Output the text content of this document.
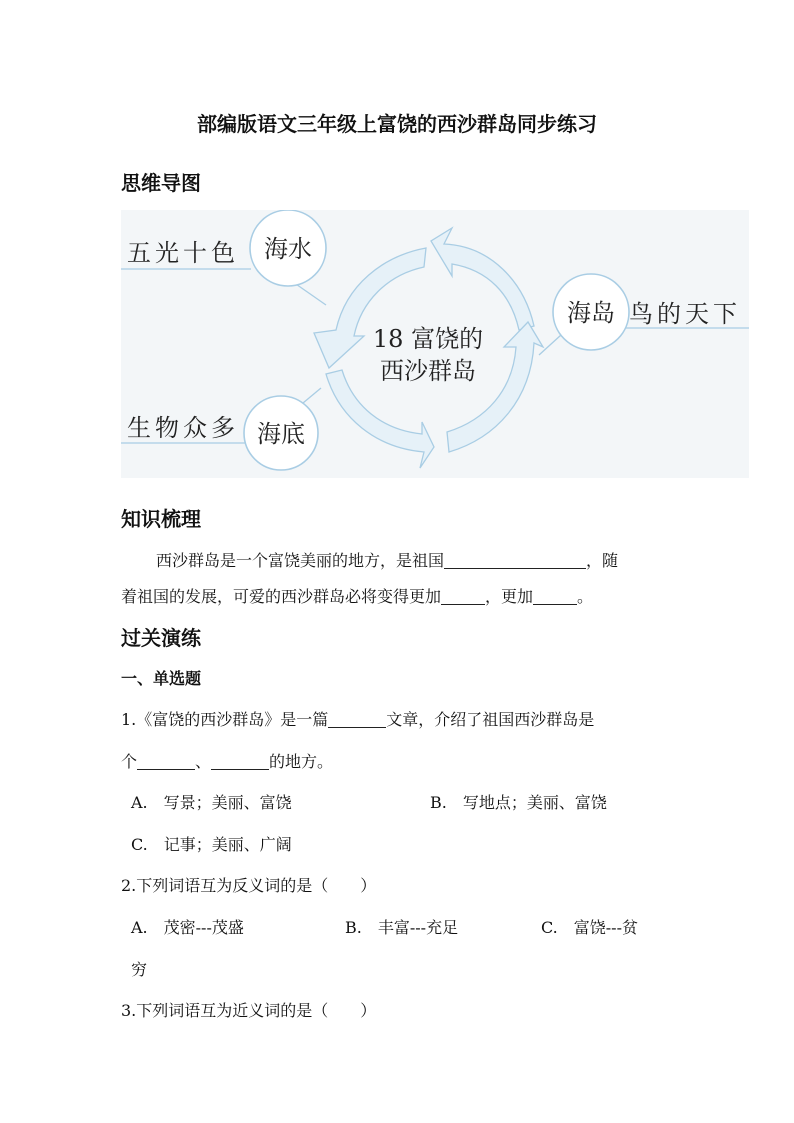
部编版语文三年级上富饶的西沙群岛同步练习
思维导图
海水
海底
海岛
五光十色
生物众多
鸟的天下
18 富饶的
西沙群岛
知识梳理
西沙群岛是一个富饶美丽的地方，是祖国	，随
着祖国的发展，可爱的西沙群岛必将变得更加	，更加	。
过关演练
一、单选题
1.《富饶的西沙群岛》是一篇	文章，介绍了祖国西沙群岛是
个	、	的地方。
A.　写景；美丽、富饶	B.　写地点；美丽、富饶
C.　记事；美丽、广阔
2.下列词语互为反义词的是（　　）
A.　茂密---茂盛	B.　丰富---充足	C.　富饶---贫
穷
3.下列词语互为近义词的是（　　）
